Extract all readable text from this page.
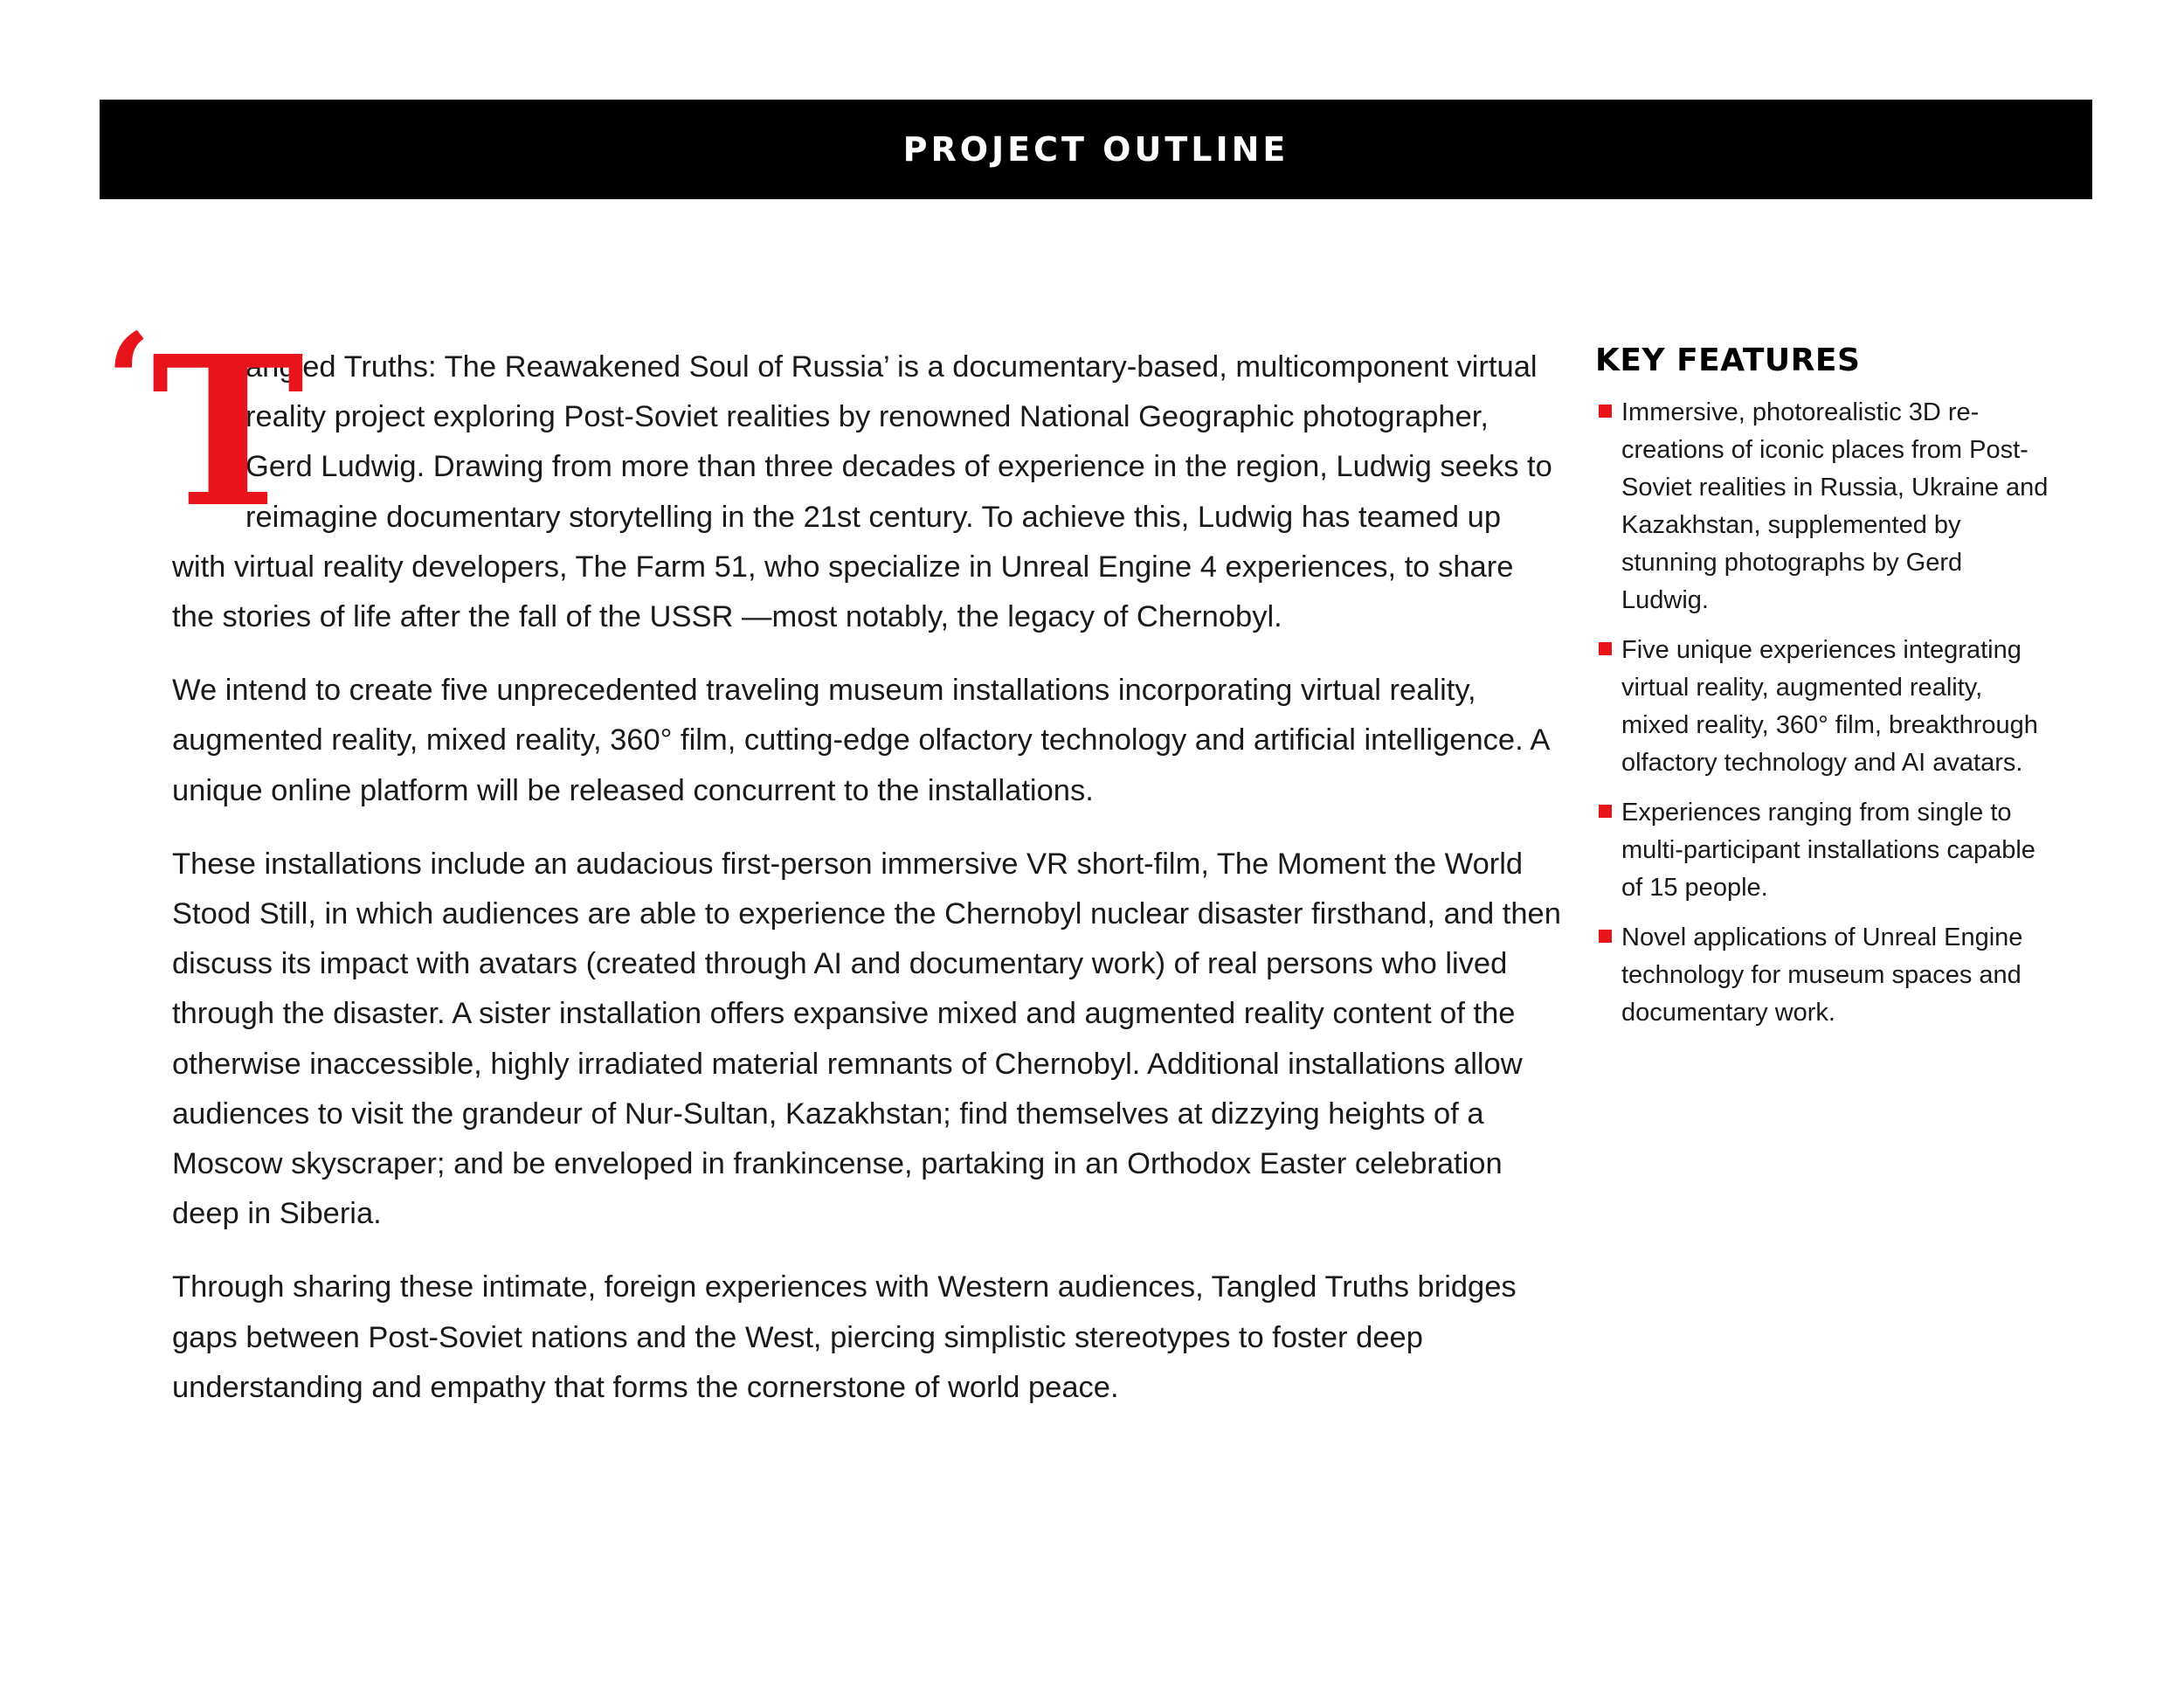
PROJECT OUTLINE

‘ T
angled Truths: The Reawakened Soul of Russia’ is a documentary-based, multicomponent virtual reality project exploring Post-Soviet realities by renowned National Geographic photographer, Gerd Ludwig. Drawing from more than three decades of experience in the region, Ludwig seeks to reimagine documentary storytelling in the 21st century. To achieve this, Ludwig has teamed up with virtual reality developers, The Farm 51, who specialize in Unreal Engine 4 experiences, to share the stories of life after the fall of the USSR —most notably, the legacy of Chernobyl.

We intend to create five unprecedented traveling museum installations incorporating virtual reality, augmented reality, mixed reality, 360° film, cutting-edge olfactory technology and artificial intelligence. A unique online platform will be released concurrent to the installations.

These installations include an audacious first-person immersive VR short-film, The Moment the World Stood Still, in which audiences are able to experience the Chernobyl nuclear disaster firsthand, and then discuss its impact with avatars (created through AI and documentary work) of real persons who lived through the disaster. A sister installation offers expansive mixed and augmented reality content of the otherwise inaccessible, highly irradiated material remnants of Chernobyl. Additional installations allow audiences to visit the grandeur of Nur-Sultan, Kazakhstan; find themselves at dizzying heights of a Moscow skyscraper; and be enveloped in frankincense, partaking in an Orthodox Easter celebration deep in Siberia.

Through sharing these intimate, foreign experiences with Western audiences, Tangled Truths bridges gaps between Post-Soviet nations and the West, piercing simplistic stereotypes to foster deep understanding and empathy that forms the cornerstone of world peace.

KEY FEATURES
Immersive, photorealistic 3D re-creations of iconic places from Post-Soviet realities in Russia, Ukraine and Kazakhstan, supplemented by stunning photographs by Gerd Ludwig.
Five unique experiences integrating virtual reality, augmented reality, mixed reality, 360° film, breakthrough olfactory technology and AI avatars.
Experiences ranging from single to multi-participant installations capable of 15 people.
Novel applications of Unreal Engine technology for museum spaces and documentary work.
